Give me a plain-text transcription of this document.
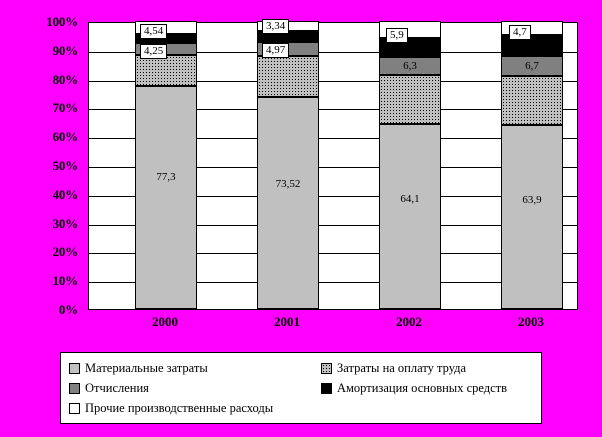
100%
90%
80%
70%
60%
50%
40%
30%
20%
10%
0%
77,3
73,52
64,1
6,3
63,9
6,7
4,54	3,34
5,9	4,7
4,25	4,97
2000	2001	2002	2003
Материальные затраты	Затраты на оплату труда
Отчисления	Амортизация основных средств
Прочие производственные расходы
